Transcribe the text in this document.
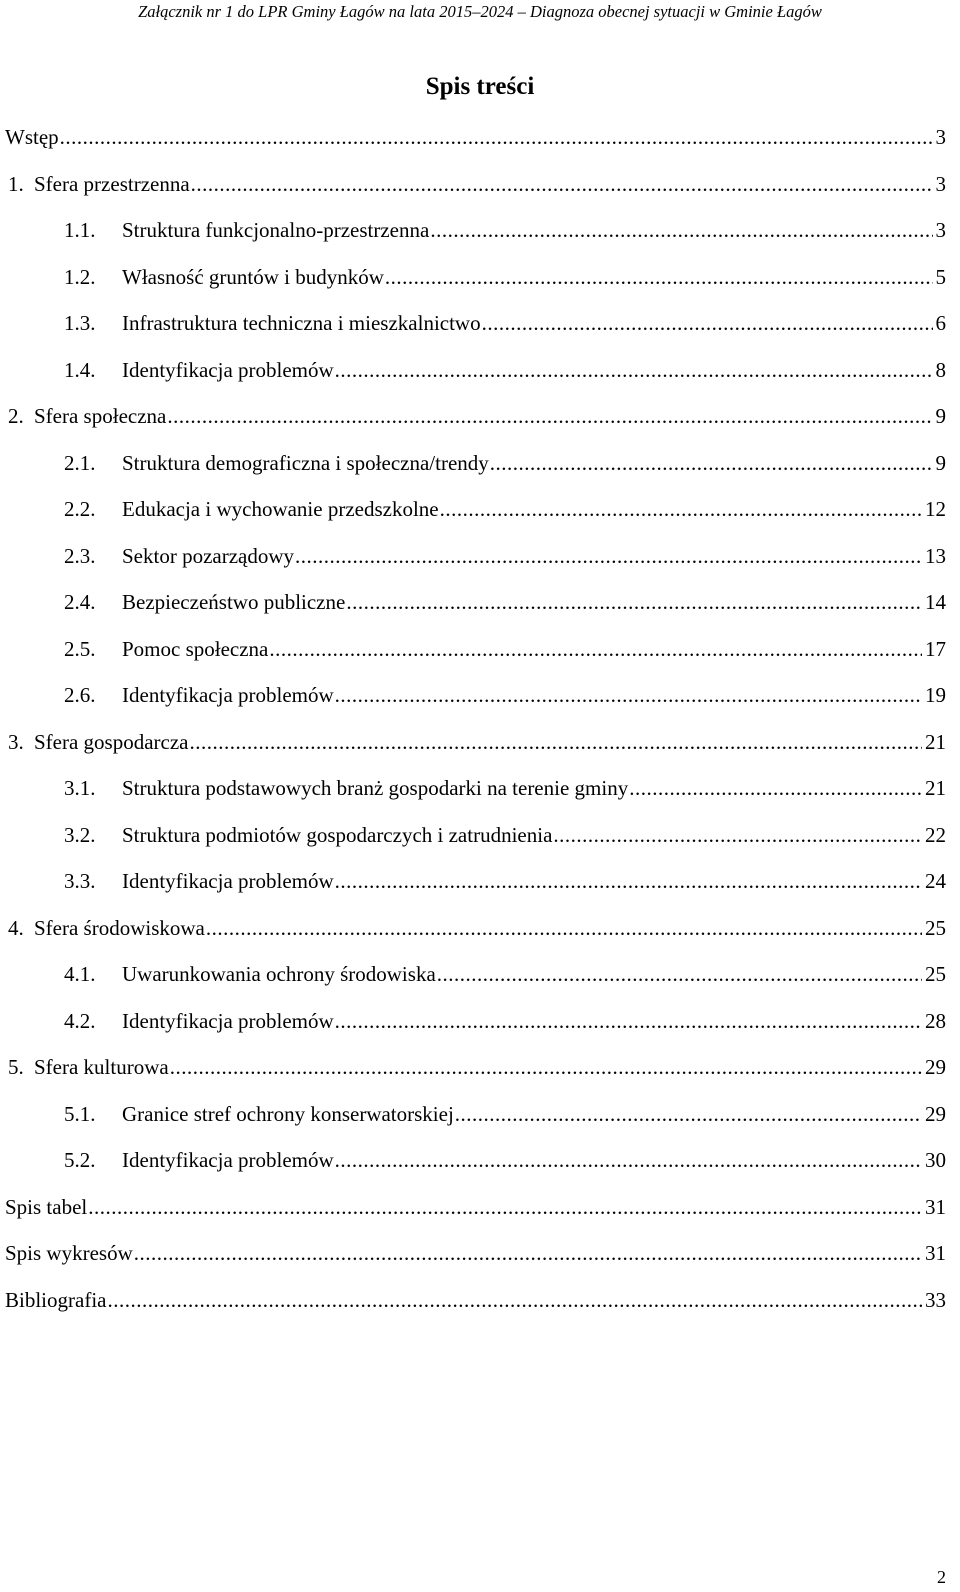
Załącznik nr 1 do LPR Gminy Łagów na lata 2015–2024 – Diagnoza obecnej sytuacji w Gminie Łagów
Spis treści
Wstęp .....	3
1. Sfera przestrzenna .....	3
1.1.	Struktura funkcjonalno-przestrzenna .....	3
1.2.	Własność gruntów i budynków .....	5
1.3.	Infrastruktura techniczna i mieszkalnictwo .....	6
1.4.	Identyfikacja problemów .....	8
2. Sfera społeczna .....	9
2.1.	Struktura demograficzna i społeczna/trendy .....	9
2.2.	Edukacja i wychowanie przedszkolne .....	12
2.3.	Sektor pozarządowy .....	13
2.4.	Bezpieczeństwo publiczne .....	14
2.5.	Pomoc społeczna .....	17
2.6.	Identyfikacja problemów .....	19
3. Sfera gospodarcza .....	21
3.1.	Struktura podstawowych branż gospodarki na terenie gminy .....	21
3.2.	Struktura podmiotów gospodarczych i zatrudnienia .....	22
3.3.	Identyfikacja problemów .....	24
4. Sfera środowiskowa .....	25
4.1.	Uwarunkowania ochrony środowiska .....	25
4.2.	Identyfikacja problemów .....	28
5. Sfera kulturowa .....	29
5.1.	Granice stref ochrony konserwatorskiej .....	29
5.2.	Identyfikacja problemów .....	30
Spis tabel .....	31
Spis wykresów .....	31
Bibliografia .....	33
2
